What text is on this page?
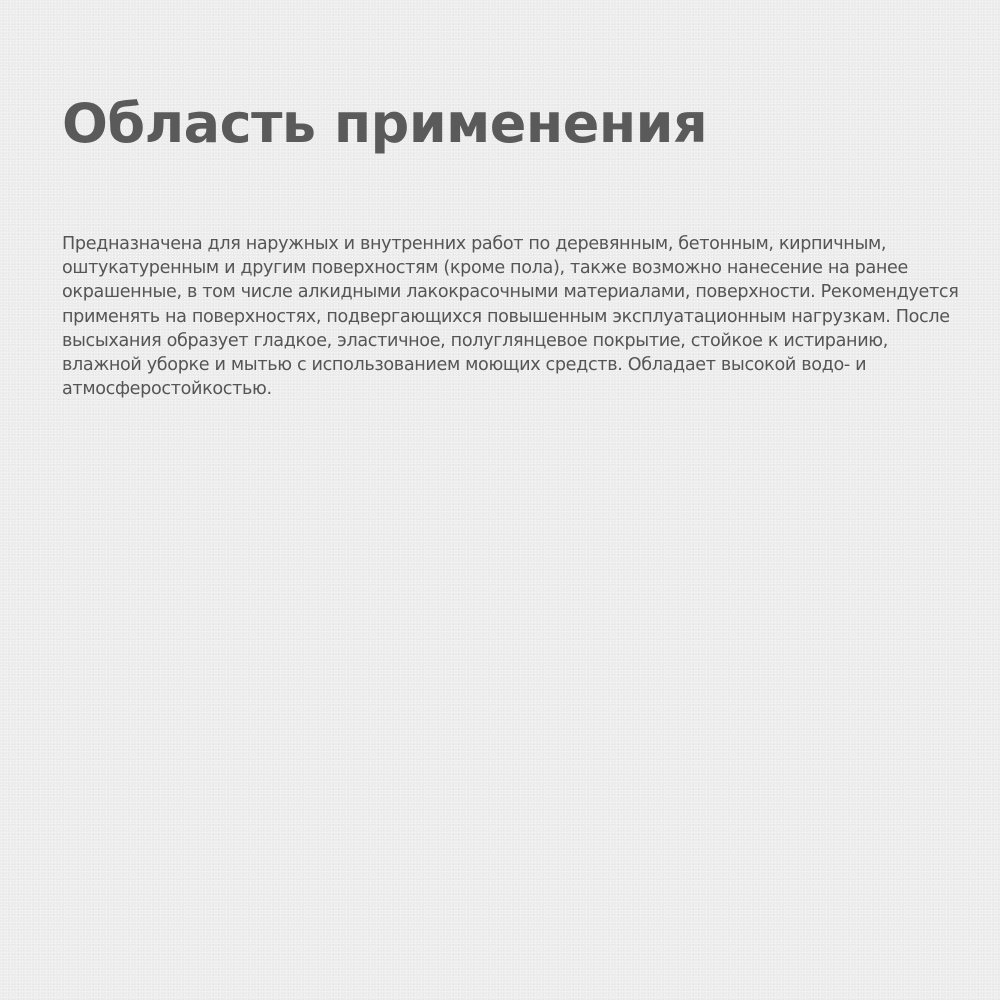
Область применения

Предназначена для наружных и внутренних работ по деревянным, бетонным, кирпичным, оштукатуренным и другим поверхностям (кроме пола), также возможно нанесение на ранее окрашенные, в том числе алкидными лакокрасочными материалами, поверхности. Рекомендуется применять на поверхностях, подвергающихся повышенным эксплуатационным нагрузкам. После высыхания образует гладкое, эластичное, полуглянцевое покрытие, стойкое к истиранию, влажной уборке и мытью с использованием моющих средств. Обладает высокой водо- и атмосферостойкостью.
